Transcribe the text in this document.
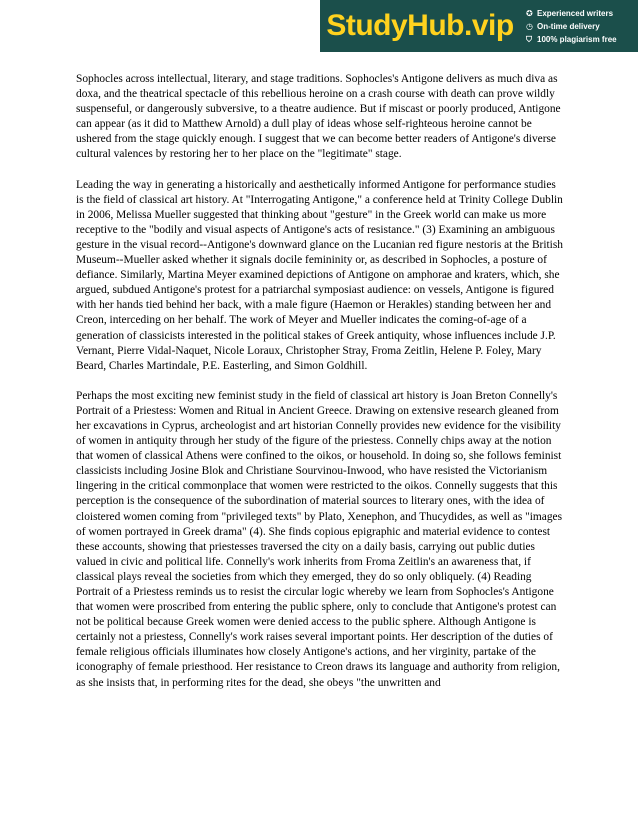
StudyHub.vip	✪ Experienced writers
◷ On-time delivery
⛉ 100% plagiarism free

Sophocles across intellectual, literary, and stage traditions. Sophocles's Antigone delivers as much diva as doxa, and the theatrical spectacle of this rebellious heroine on a crash course with death can prove wildly suspenseful, or dangerously subversive, to a theatre audience. But if miscast or poorly produced, Antigone can appear (as it did to Matthew Arnold) a dull play of ideas whose self-righteous heroine cannot be ushered from the stage quickly enough. I suggest that we can become better readers of Antigone's diverse cultural valences by restoring her to her place on the "legitimate" stage.

Leading the way in generating a historically and aesthetically informed Antigone for performance studies is the field of classical art history. At "Interrogating Antigone," a conference held at Trinity College Dublin in 2006, Melissa Mueller suggested that thinking about "gesture" in the Greek world can make us more receptive to the "bodily and visual aspects of Antigone's acts of resistance." (3) Examining an ambiguous gesture in the visual record--Antigone's downward glance on the Lucanian red figure nestoris at the British Museum--Mueller asked whether it signals docile femininity or, as described in Sophocles, a posture of defiance. Similarly, Martina Meyer examined depictions of Antigone on amphorae and kraters, which, she argued, subdued Antigone's protest for a patriarchal symposiast audience: on vessels, Antigone is figured with her hands tied behind her back, with a male figure (Haemon or Herakles) standing between her and Creon, interceding on her behalf. The work of Meyer and Mueller indicates the coming-of-age of a generation of classicists interested in the political stakes of Greek antiquity, whose influences include J.P. Vernant, Pierre Vidal-Naquet, Nicole Loraux, Christopher Stray, Froma Zeitlin, Helene P. Foley, Mary Beard, Charles Martindale, P.E. Easterling, and Simon Goldhill.

Perhaps the most exciting new feminist study in the field of classical art history is Joan Breton Connelly's Portrait of a Priestess: Women and Ritual in Ancient Greece. Drawing on extensive research gleaned from her excavations in Cyprus, archeologist and art historian Connelly provides new evidence for the visibility of women in antiquity through her study of the figure of the priestess. Connelly chips away at the notion that women of classical Athens were confined to the oikos, or household. In doing so, she follows feminist classicists including Josine Blok and Christiane Sourvinou-Inwood, who have resisted the Victorianism lingering in the critical commonplace that women were restricted to the oikos. Connelly suggests that this perception is the consequence of the subordination of material sources to literary ones, with the idea of cloistered women coming from "privileged texts" by Plato, Xenephon, and Thucydides, as well as "images of women portrayed in Greek drama" (4). She finds copious epigraphic and material evidence to contest these accounts, showing that priestesses traversed the city on a daily basis, carrying out public duties valued in civic and political life. Connelly's work inherits from Froma Zeitlin's an awareness that, if classical plays reveal the societies from which they emerged, they do so only obliquely. (4) Reading Portrait of a Priestess reminds us to resist the circular logic whereby we learn from Sophocles's Antigone that women were proscribed from entering the public sphere, only to conclude that Antigone's protest can not be political because Greek women were denied access to the public sphere. Although Antigone is certainly not a priestess, Connelly's work raises several important points. Her description of the duties of female religious officials illuminates how closely Antigone's actions, and her virginity, partake of the iconography of female priesthood. Her resistance to Creon draws its language and authority from religion, as she insists that, in performing rites for the dead, she obeys "the unwritten and
